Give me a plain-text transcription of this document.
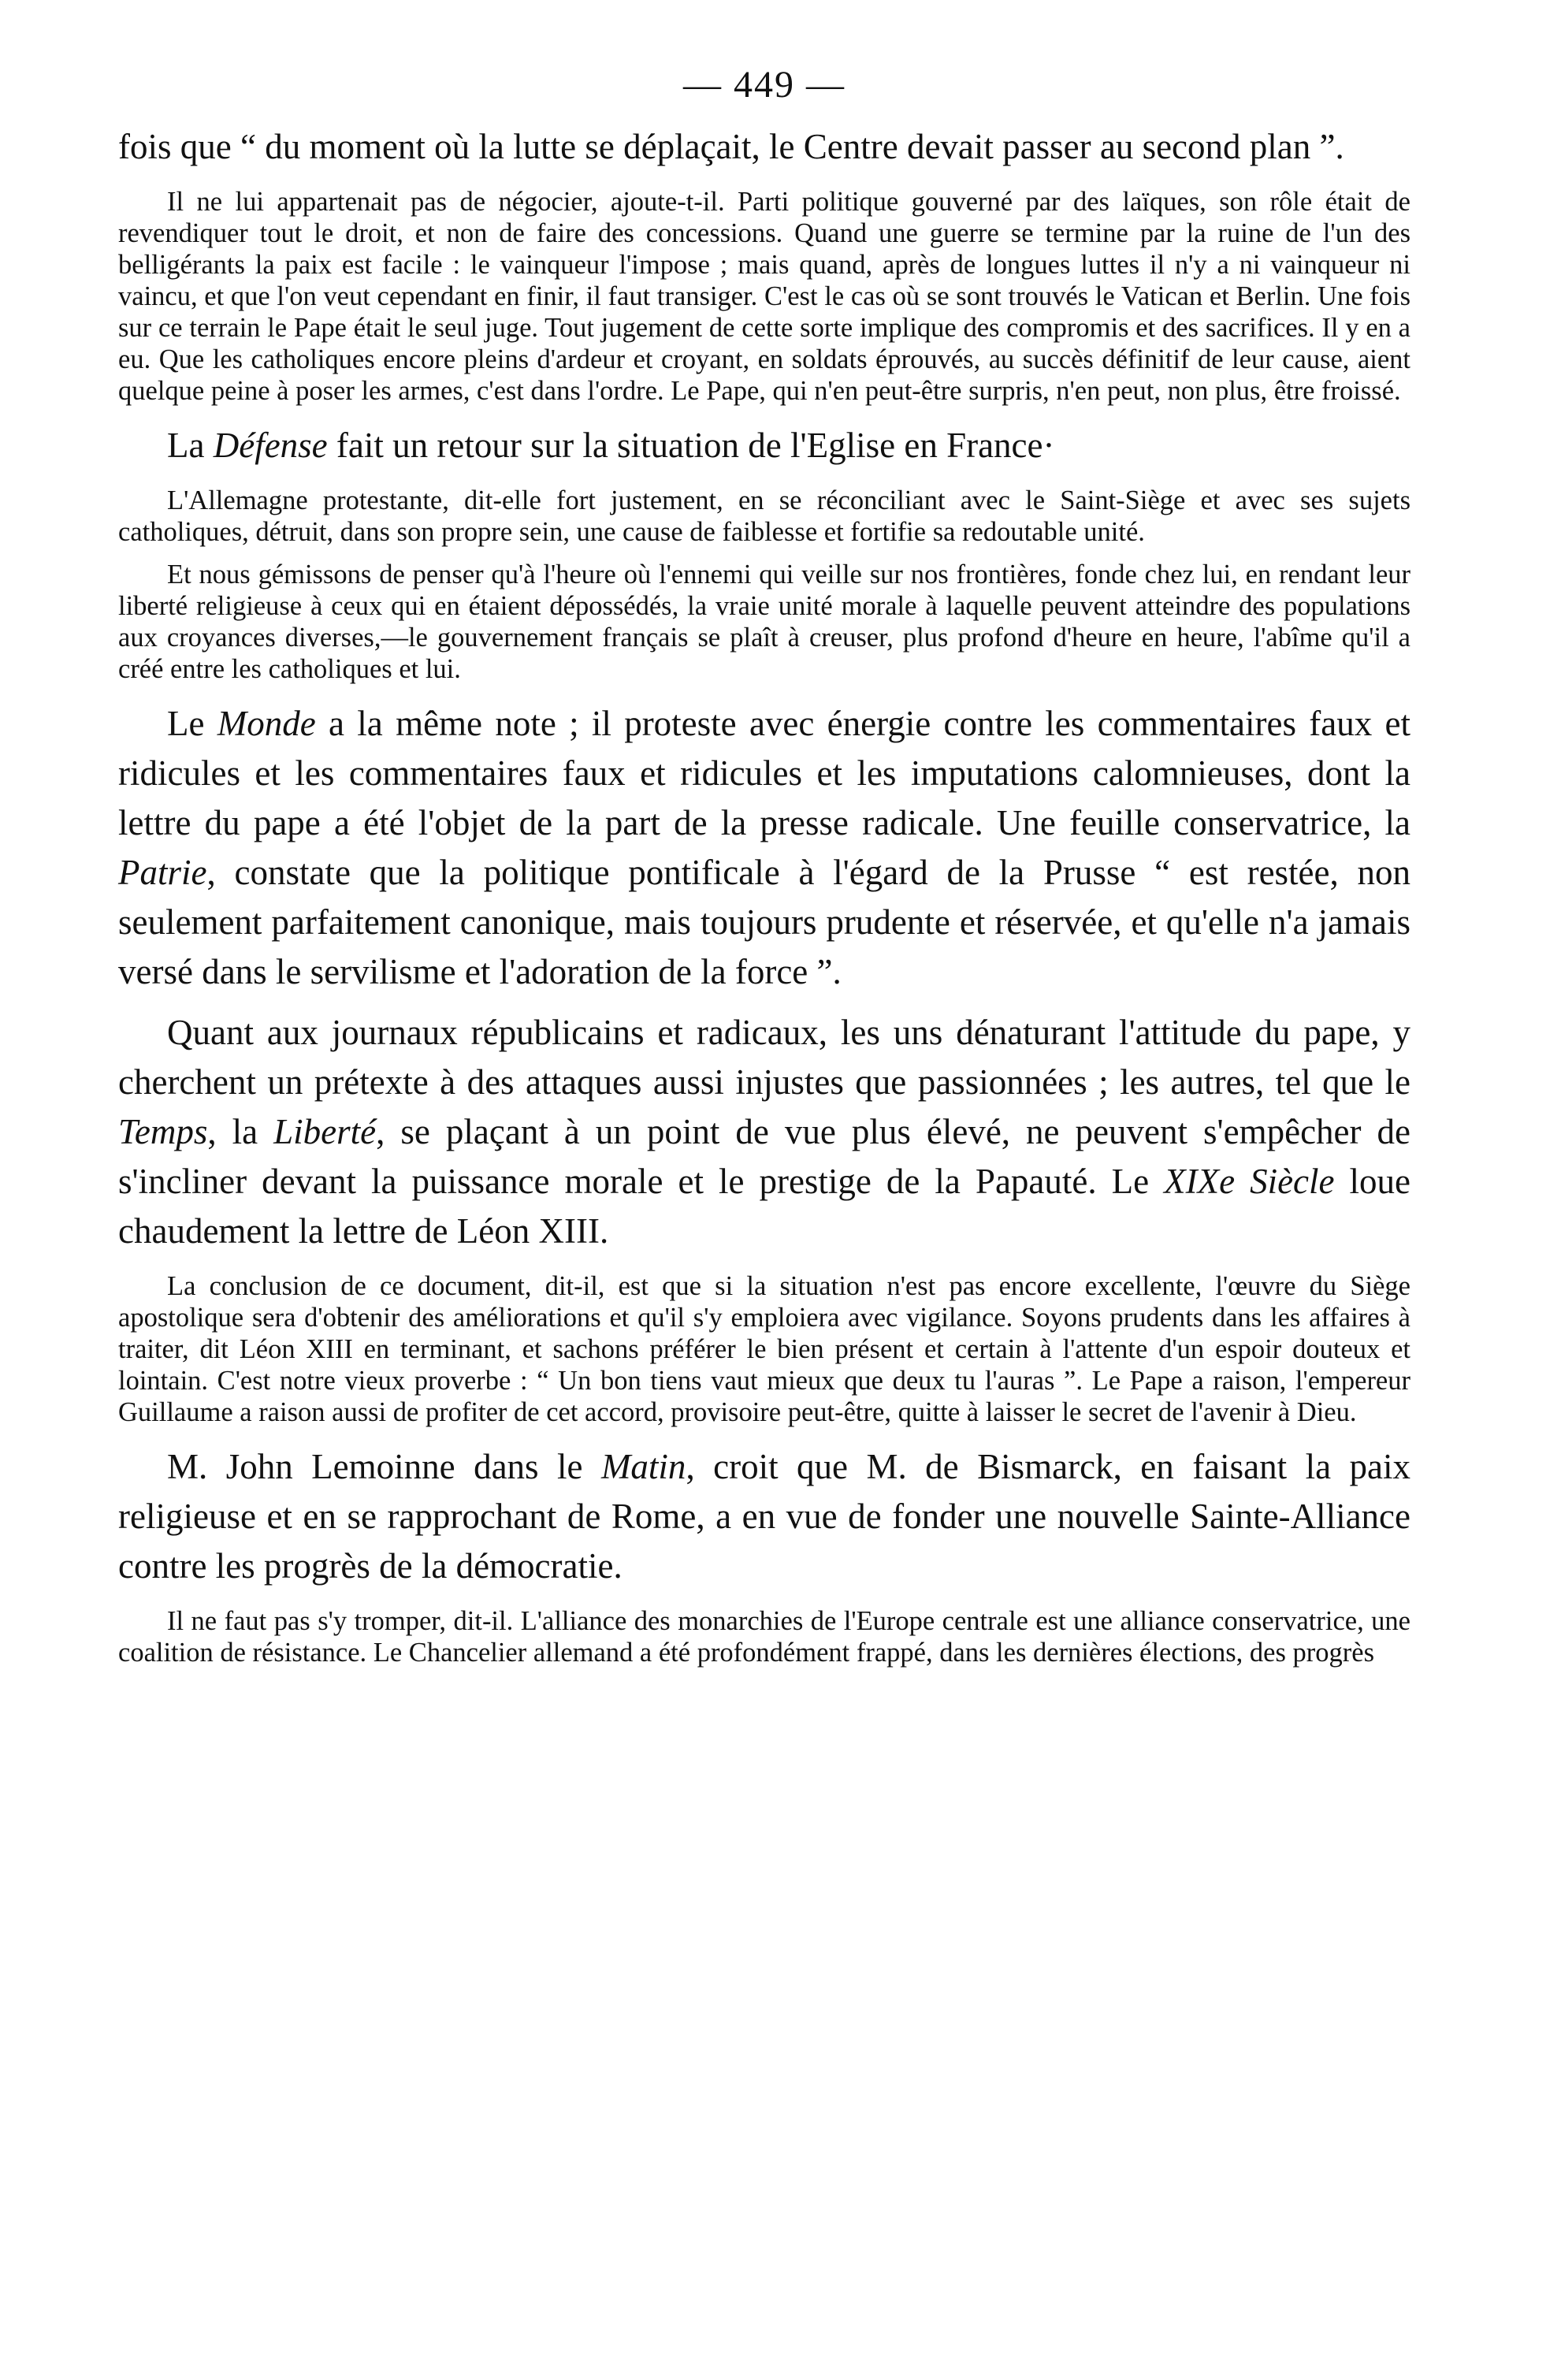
— 449 —

fois que “ du moment où la lutte se déplaçait, le Centre devait passer au second plan ”.

Il ne lui appartenait pas de négocier, ajoute-t-il. Parti politique gouverné par des laïques, son rôle était de revendiquer tout le droit, et non de faire des concessions. Quand une guerre se termine par la ruine de l'un des belligérants la paix est facile : le vainqueur l'impose ; mais quand, après de longues luttes il n'y a ni vainqueur ni vaincu, et que l'on veut cependant en finir, il faut transiger. C'est le cas où se sont trouvés le Vatican et Berlin. Une fois sur ce terrain le Pape était le seul juge. Tout jugement de cette sorte implique des compromis et des sacrifices. Il y en a eu. Que les catholiques encore pleins d'ardeur et croyant, en soldats éprouvés, au succès définitif de leur cause, aient quelque peine à poser les armes, c'est dans l'ordre. Le Pape, qui n'en peut-être surpris, n'en peut, non plus, être froissé.

La Défense fait un retour sur la situation de l'Eglise en France·

L'Allemagne protestante, dit-elle fort justement, en se réconciliant avec le Saint-Siège et avec ses sujets catholiques, détruit, dans son propre sein, une cause de faiblesse et fortifie sa redoutable unité.

Et nous gémissons de penser qu'à l'heure où l'ennemi qui veille sur nos frontières, fonde chez lui, en rendant leur liberté religieuse à ceux qui en étaient dépossédés, la vraie unité morale à laquelle peuvent atteindre des populations aux croyances diverses,—le gouvernement français se plaît à creuser, plus profond d'heure en heure, l'abîme qu'il a créé entre les catholiques et lui.

Le Monde a la même note ; il proteste avec énergie contre les commentaires faux et ridicules et les commentaires faux et ridicules et les imputations calomnieuses, dont la lettre du pape a été l'objet de la part de la presse radicale. Une feuille conservatrice, la Patrie, constate que la politique pontificale à l'égard de la Prusse “ est restée, non seulement parfaitement canonique, mais toujours prudente et réservée, et qu'elle n'a jamais versé dans le servilisme et l'adoration de la force ”.

Quant aux journaux républicains et radicaux, les uns dénaturant l'attitude du pape, y cherchent un prétexte à des attaques aussi injustes que passionnées ; les autres, tel que le Temps, la Liberté, se plaçant à un point de vue plus élevé, ne peuvent s'empêcher de s'incliner devant la puissance morale et le prestige de la Papauté. Le XIXe Siècle loue chaudement la lettre de Léon XIII.

La conclusion de ce document, dit-il, est que si la situation n'est pas encore excellente, l'œuvre du Siège apostolique sera d'obtenir des améliorations et qu'il s'y emploiera avec vigilance. Soyons prudents dans les affaires à traiter, dit Léon XIII en terminant, et sachons préférer le bien présent et certain à l'attente d'un espoir douteux et lointain. C'est notre vieux proverbe : “ Un bon tiens vaut mieux que deux tu l'auras ”. Le Pape a raison, l'empereur Guillaume a raison aussi de profiter de cet accord, provisoire peut-être, quitte à laisser le secret de l'avenir à Dieu.

M. John Lemoinne dans le Matin, croit que M. de Bismarck, en faisant la paix religieuse et en se rapprochant de Rome, a en vue de fonder une nouvelle Sainte-Alliance contre les progrès de la démocratie.

Il ne faut pas s'y tromper, dit-il. L'alliance des monarchies de l'Europe centrale est une alliance conservatrice, une coalition de résistance. Le Chancelier allemand a été profondément frappé, dans les dernières élections, des progrès
